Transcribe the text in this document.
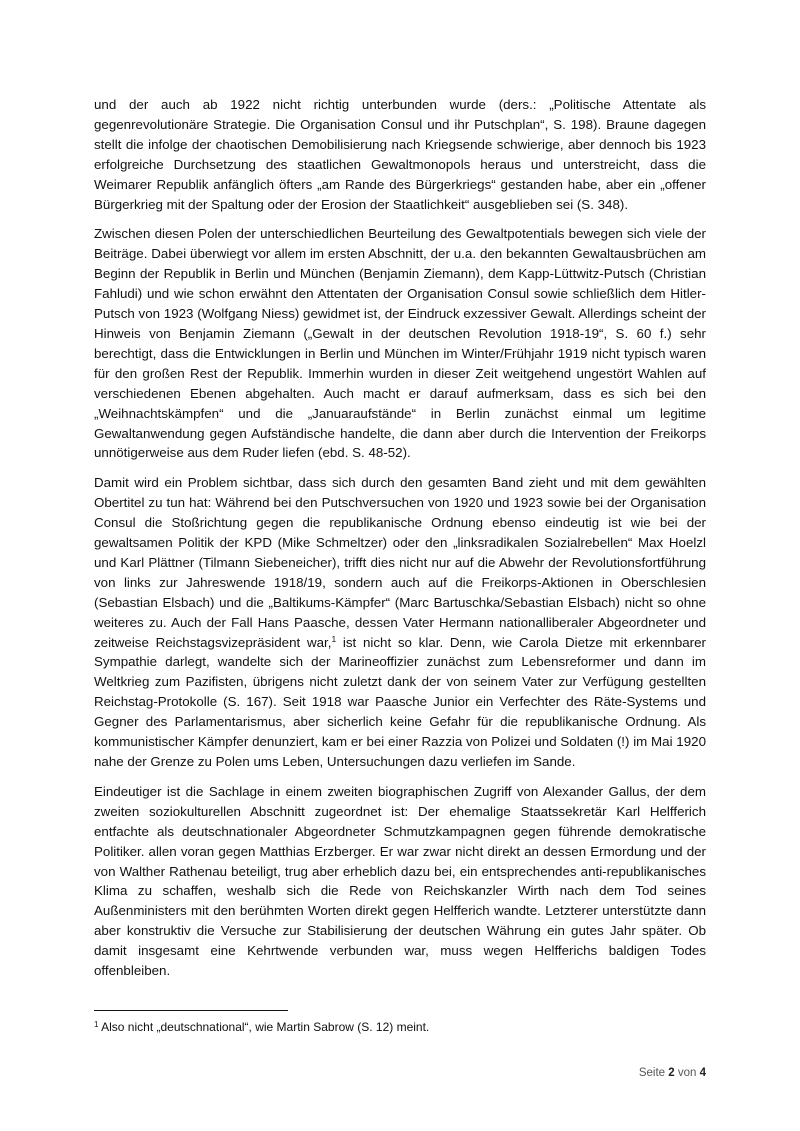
und der auch ab 1922 nicht richtig unterbunden wurde (ders.: „Politische Attentate als gegenrevolutionäre Strategie. Die Organisation Consul und ihr Putschplan“, S. 198). Braune dagegen stellt die infolge der chaotischen Demobilisierung nach Kriegsende schwierige, aber dennoch bis 1923 erfolgreiche Durchsetzung des staatlichen Gewaltmonopols heraus und unterstreicht, dass die Weimarer Republik anfänglich öfters „am Rande des Bürgerkriegs“ gestanden habe, aber ein „offener Bürgerkrieg mit der Spaltung oder der Erosion der Staatlichkeit“ ausgeblieben sei (S. 348).

Zwischen diesen Polen der unterschiedlichen Beurteilung des Gewaltpotentials bewegen sich viele der Beiträge. Dabei überwiegt vor allem im ersten Abschnitt, der u.a. den bekannten Gewaltausbrüchen am Beginn der Republik in Berlin und München (Benjamin Ziemann), dem Kapp-Lüttwitz-Putsch (Christian Fahludi) und wie schon erwähnt den Attentaten der Organisation Consul sowie schließlich dem Hitler-Putsch von 1923 (Wolfgang Niess) gewidmet ist, der Eindruck exzessiver Gewalt. Allerdings scheint der Hinweis von Benjamin Ziemann („Gewalt in der deutschen Revolution 1918-19“, S. 60 f.) sehr berechtigt, dass die Entwicklungen in Berlin und München im Winter/Frühjahr 1919 nicht typisch waren für den großen Rest der Republik. Immerhin wurden in dieser Zeit weitgehend ungestört Wahlen auf verschiedenen Ebenen abgehalten. Auch macht er darauf aufmerksam, dass es sich bei den „Weihnachtskämpfen“ und die „Januaraufstände“ in Berlin zunächst einmal um legitime Gewaltanwendung gegen Aufständische handelte, die dann aber durch die Intervention der Freikorps unnötigerweise aus dem Ruder liefen (ebd. S. 48-52).

Damit wird ein Problem sichtbar, dass sich durch den gesamten Band zieht und mit dem gewählten Obertitel zu tun hat: Während bei den Putschversuchen von 1920 und 1923 sowie bei der Organisation Consul die Stoßrichtung gegen die republikanische Ordnung ebenso eindeutig ist wie bei der gewaltsamen Politik der KPD (Mike Schmeltzer) oder den „linksradikalen Sozialrebellen“ Max Hoelzl und Karl Plättner (Tilmann Siebeneicher), trifft dies nicht nur auf die Abwehr der Revolutionsfortführung von links zur Jahreswende 1918/19, sondern auch auf die Freikorps-Aktionen in Oberschlesien (Sebastian Elsbach) und die „Baltikums-Kämpfer“ (Marc Bartuschka/Sebastian Elsbach) nicht so ohne weiteres zu. Auch der Fall Hans Paasche, dessen Vater Hermann nationalliberaler Abgeordneter und zeitweise Reichstagsvizepräsident war,$^1$ ist nicht so klar. Denn, wie Carola Dietze mit erkennbarer Sympathie darlegt, wandelte sich der Marineoffizier zunächst zum Lebensreformer und dann im Weltkrieg zum Pazifisten, übrigens nicht zuletzt dank der von seinem Vater zur Verfügung gestellten Reichstag-Protokolle (S. 167). Seit 1918 war Paasche Junior ein Verfechter des Räte-Systems und Gegner des Parlamentarismus, aber sicherlich keine Gefahr für die republikanische Ordnung. Als kommunistischer Kämpfer denunziert, kam er bei einer Razzia von Polizei und Soldaten (!) im Mai 1920 nahe der Grenze zu Polen ums Leben, Untersuchungen dazu verliefen im Sande.

Eindeutiger ist die Sachlage in einem zweiten biographischen Zugriff von Alexander Gallus, der dem zweiten soziokulturellen Abschnitt zugeordnet ist: Der ehemalige Staatssekretär Karl Helfferich entfachte als deutschnationaler Abgeordneter Schmutzkampagnen gegen führende demokratische Politiker. allen voran gegen Matthias Erzberger. Er war zwar nicht direkt an dessen Ermordung und der von Walther Rathenau beteiligt, trug aber erheblich dazu bei, ein entsprechendes anti-republikanisches Klima zu schaffen, weshalb sich die Rede von Reichskanzler Wirth nach dem Tod seines Außenministers mit den berühmten Worten direkt gegen Helfferich wandte. Letzterer unterstützte dann aber konstruktiv die Versuche zur Stabilisierung der deutschen Währung ein gutes Jahr später. Ob damit insgesamt eine Kehrtwende verbunden war, muss wegen Helfferichs baldigen Todes offenbleiben.

$^1$ Also nicht „deutschnational“, wie Martin Sabrow (S. 12) meint.
Seite 2 von 4
